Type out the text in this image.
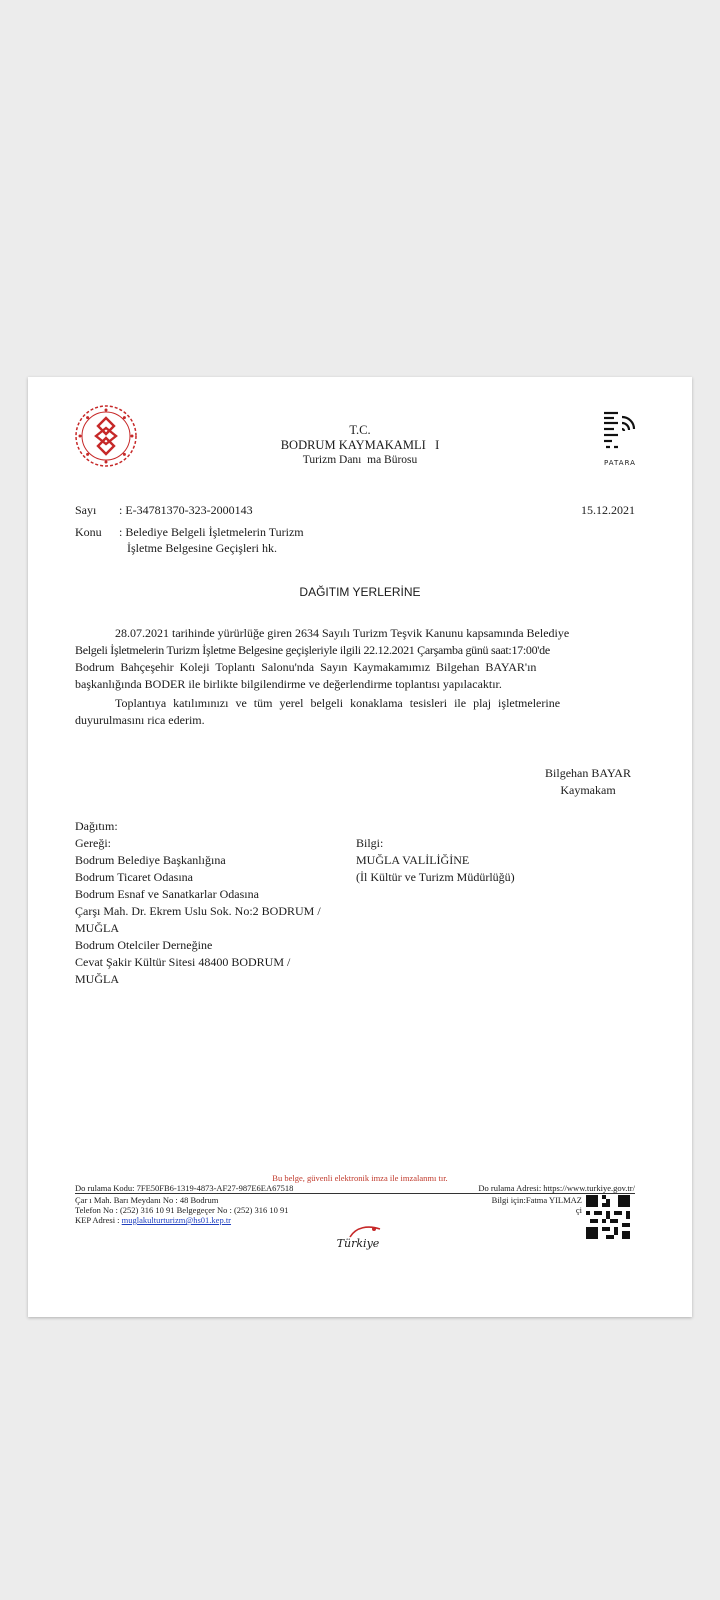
T.C.
BODRUM KAYMAKAMLI   I
Turizm Danı  ma Bürosu	PATARA
Sayı : E-34781370-323-2000143	15.12.2021
Konu : Belediye Belgeli İşletmelerin Turizm
İşletme Belgesine Geçişleri hk.
DAĞITIM YERLERİNE
28.07.2021 tarihinde yürürlüğe giren 2634 Sayılı Turizm Teşvik Kanunu kapsamında Belediye
Belgeli İşletmelerin Turizm İşletme Belgesine geçişleriyle ilgili 22.12.2021 Çarşamba günü saat:17:00'de
Bodrum Bahçeşehir Koleji Toplantı Salonu'nda Sayın Kaymakamımız Bilgehan BAYAR'ın
başkanlığında BODER ile birlikte bilgilendirme ve değerlendirme toplantısı yapılacaktır.
Toplantıya katılımınızı ve tüm yerel belgeli konaklama tesisleri ile plaj işletmelerine
duyurulmasını rica ederim.
Bilgehan BAYAR
Kaymakam
Dağıtım:
Gereği:
Bodrum Belediye Başkanlığına
Bodrum Ticaret Odasına
Bodrum Esnaf ve Sanatkarlar Odasına
Çarşı Mah. Dr. Ekrem Uslu Sok. No:2 BODRUM /
MUĞLA
Bodrum Otelciler Derneğine
Cevat Şakir Kültür Sitesi 48400 BODRUM /
MUĞLA
Bilgi:
MUĞLA VALİLİĞİNE
(İl Kültür ve Turizm Müdürlüğü)
Bu belge, güvenli elektronik imza ile imzalanmı tır.
Do rulama Kodu: 7FE50FB6-1319-4873-AF27-987E6EA67518	Do rulama Adresi: https://www.turkiye.gov.tr/
Çar ı Mah. Barı Meydanı No : 48 Bodrum
Telefon No : (252) 316 10 91 Belgegeçer No : (252) 316 10 91
KEP Adresi : muglakulturturizm@hs01.kep.tr
Bilgi için:Fatma YILMAZ
çi
Türkiye
